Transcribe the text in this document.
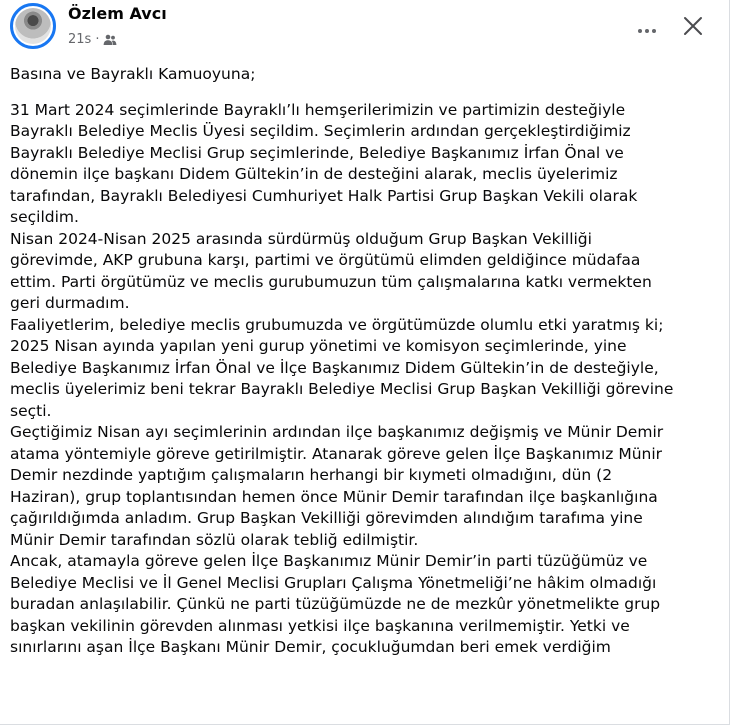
Özlem Avcı
21s ·

Basına ve Bayraklı Kamuoyuna;

31 Mart 2024 seçimlerinde Bayraklı’lı hemşerilerimizin ve partimizin desteğiyle
Bayraklı Belediye Meclis Üyesi seçildim. Seçimlerin ardından gerçekleştirdiğimiz
Bayraklı Belediye Meclisi Grup seçimlerinde, Belediye Başkanımız İrfan Önal ve
dönemin ilçe başkanı Didem Gültekin’in de desteğini alarak, meclis üyelerimiz
tarafından, Bayraklı Belediyesi Cumhuriyet Halk Partisi Grup Başkan Vekili olarak
seçildim.
Nisan 2024-Nisan 2025 arasında sürdürmüş olduğum Grup Başkan Vekilliği
görevimde, AKP grubuna karşı, partimi ve örgütümü elimden geldiğince müdafaa
ettim. Parti örgütümüz ve meclis gurubumuzun tüm çalışmalarına katkı vermekten
geri durmadım.
Faaliyetlerim, belediye meclis grubumuzda ve örgütümüzde olumlu etki yaratmış ki;
2025 Nisan ayında yapılan yeni gurup yönetimi ve komisyon seçimlerinde, yine
Belediye Başkanımız İrfan Önal ve İlçe Başkanımız Didem Gültekin’in de desteğiyle,
meclis üyelerimiz beni tekrar Bayraklı Belediye Meclisi Grup Başkan Vekilliği görevine
seçti.
Geçtiğimiz Nisan ayı seçimlerinin ardından ilçe başkanımız değişmiş ve Münir Demir
atama yöntemiyle göreve getirilmiştir. Atanarak göreve gelen İlçe Başkanımız Münir
Demir nezdinde yaptığım çalışmaların herhangi bir kıymeti olmadığını, dün (2
Haziran), grup toplantısından hemen önce Münir Demir tarafından ilçe başkanlığına
çağırıldığımda anladım. Grup Başkan Vekilliği görevimden alındığım tarafıma yine
Münir Demir tarafından sözlü olarak tebliğ edilmiştir.
Ancak, atamayla göreve gelen İlçe Başkanımız Münir Demir’in parti tüzüğümüz ve
Belediye Meclisi ve İl Genel Meclisi Grupları Çalışma Yönetmeliği’ne hâkim olmadığı
buradan anlaşılabilir. Çünkü ne parti tüzüğümüzde ne de mezkûr yönetmelikte grup
başkan vekilinin görevden alınması yetkisi ilçe başkanına verilmemiştir. Yetki ve
sınırlarını aşan İlçe Başkanı Münir Demir, çocukluğumdan beri emek verdiğim
